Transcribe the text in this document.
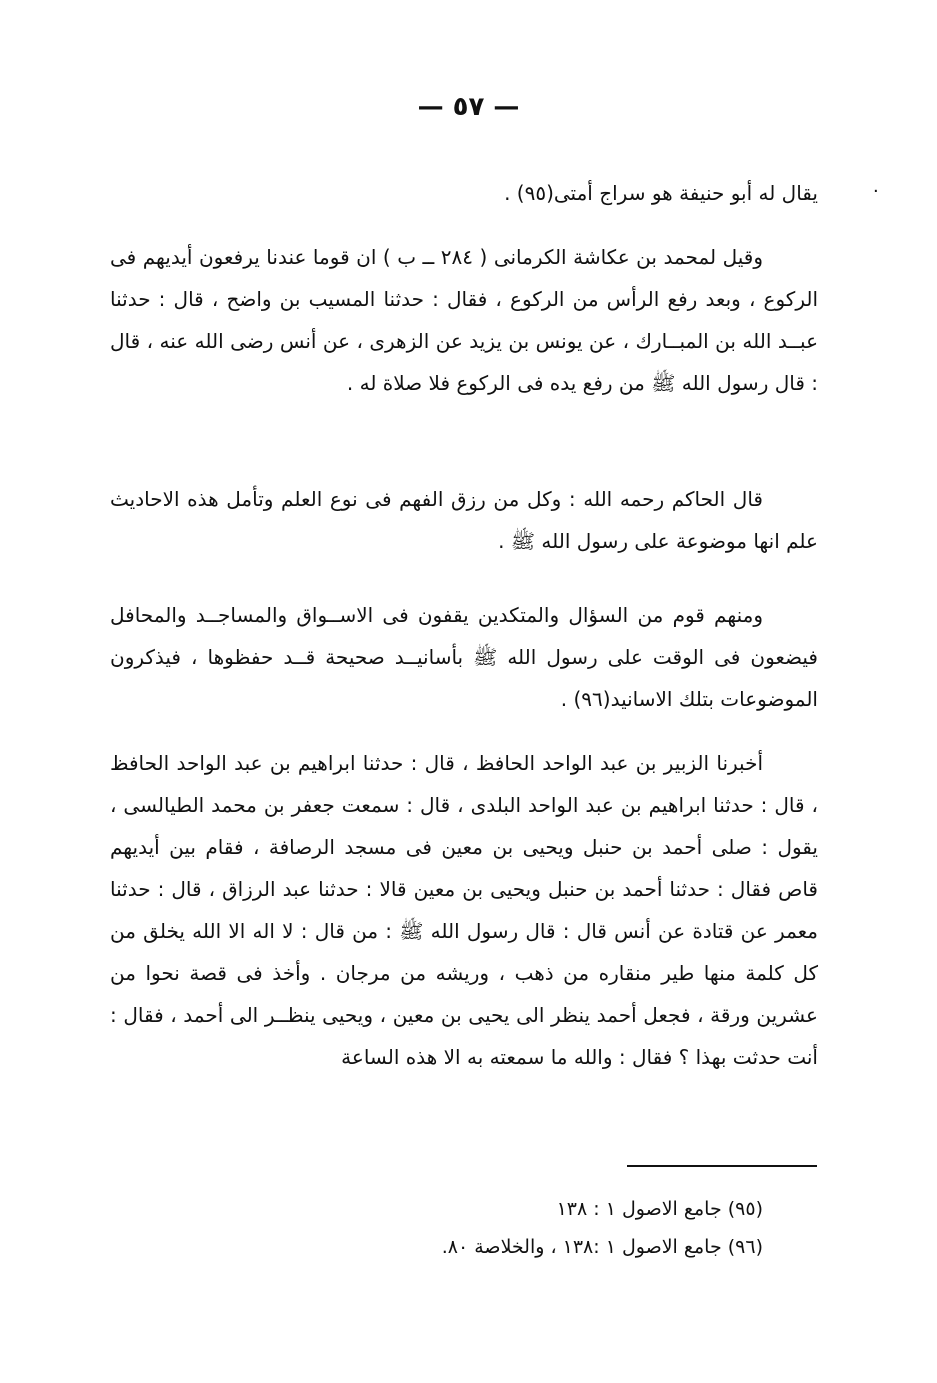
— ٥٧ —
٠

يقال له أبو حنيفة هو سراج أمتى(٩٥) .

وقيل لمحمد بن عكاشة الكرمانى ( ٢٨٤ ــ ب ) ان قوما عندنا يرفعون أيديهم فى الركوع ، وبعد رفع الرأس من الركوع ، فقال : حدثنا المسيب بن واضح ، قال : حدثنا عبــد الله بن المبــارك ، عن يونس بن يزيد عن الزهرى ، عن أنس رضى الله عنه ، قال : قال رسول الله ﷺ من رفع يده فى الركوع فلا صلاة له .

قال الحاكم رحمه الله : وكل من رزق الفهم فى نوع العلم وتأمل هذه الاحاديث علم انها موضوعة على رسول الله ﷺ .

ومنهم قوم من السؤال والمتكدين يقفون فى الاســواق والمساجــد والمحافل فيضعون فى الوقت على رسول الله ﷺ بأسانيــد صحيحة قــد حفظوها ، فيذكرون الموضوعات بتلك الاسانيد(٩٦) .

أخبرنا الزبير بن عبد الواحد الحافظ ، قال : حدثنا ابراهيم بن عبد الواحد الحافظ ، قال : حدثنا ابراهيم بن عبد الواحد البلدى ، قال : سمعت جعفر بن محمد الطيالسى ، يقول : صلى أحمد بن حنبل ويحيى بن معين فى مسجد الرصافة ، فقام بين أيديهم قاص فقال : حدثنا أحمد بن حنبل ويحيى بن معين قالا : حدثنا عبد الرزاق ، قال : حدثنا معمر عن قتادة عن أنس قال : قال رسول الله ﷺ : من قال : لا اله الا الله يخلق من كل كلمة منها طير منقاره من ذهب ، وريشه من مرجان . وأخذ فى قصة نحوا من عشرين ورقة ، فجعل أحمد ينظر الى يحيى بن معين ، ويحيى ينظــر الى أحمد ، فقال : أنت حدثت بهذا ؟ فقال : والله ما سمعته به الا هذه الساعة

(٩٥) جامع الاصول ١ : ١٣٨
(٩٦) جامع الاصول ١ :١٣٨ ، والخلاصة ٨٠.
